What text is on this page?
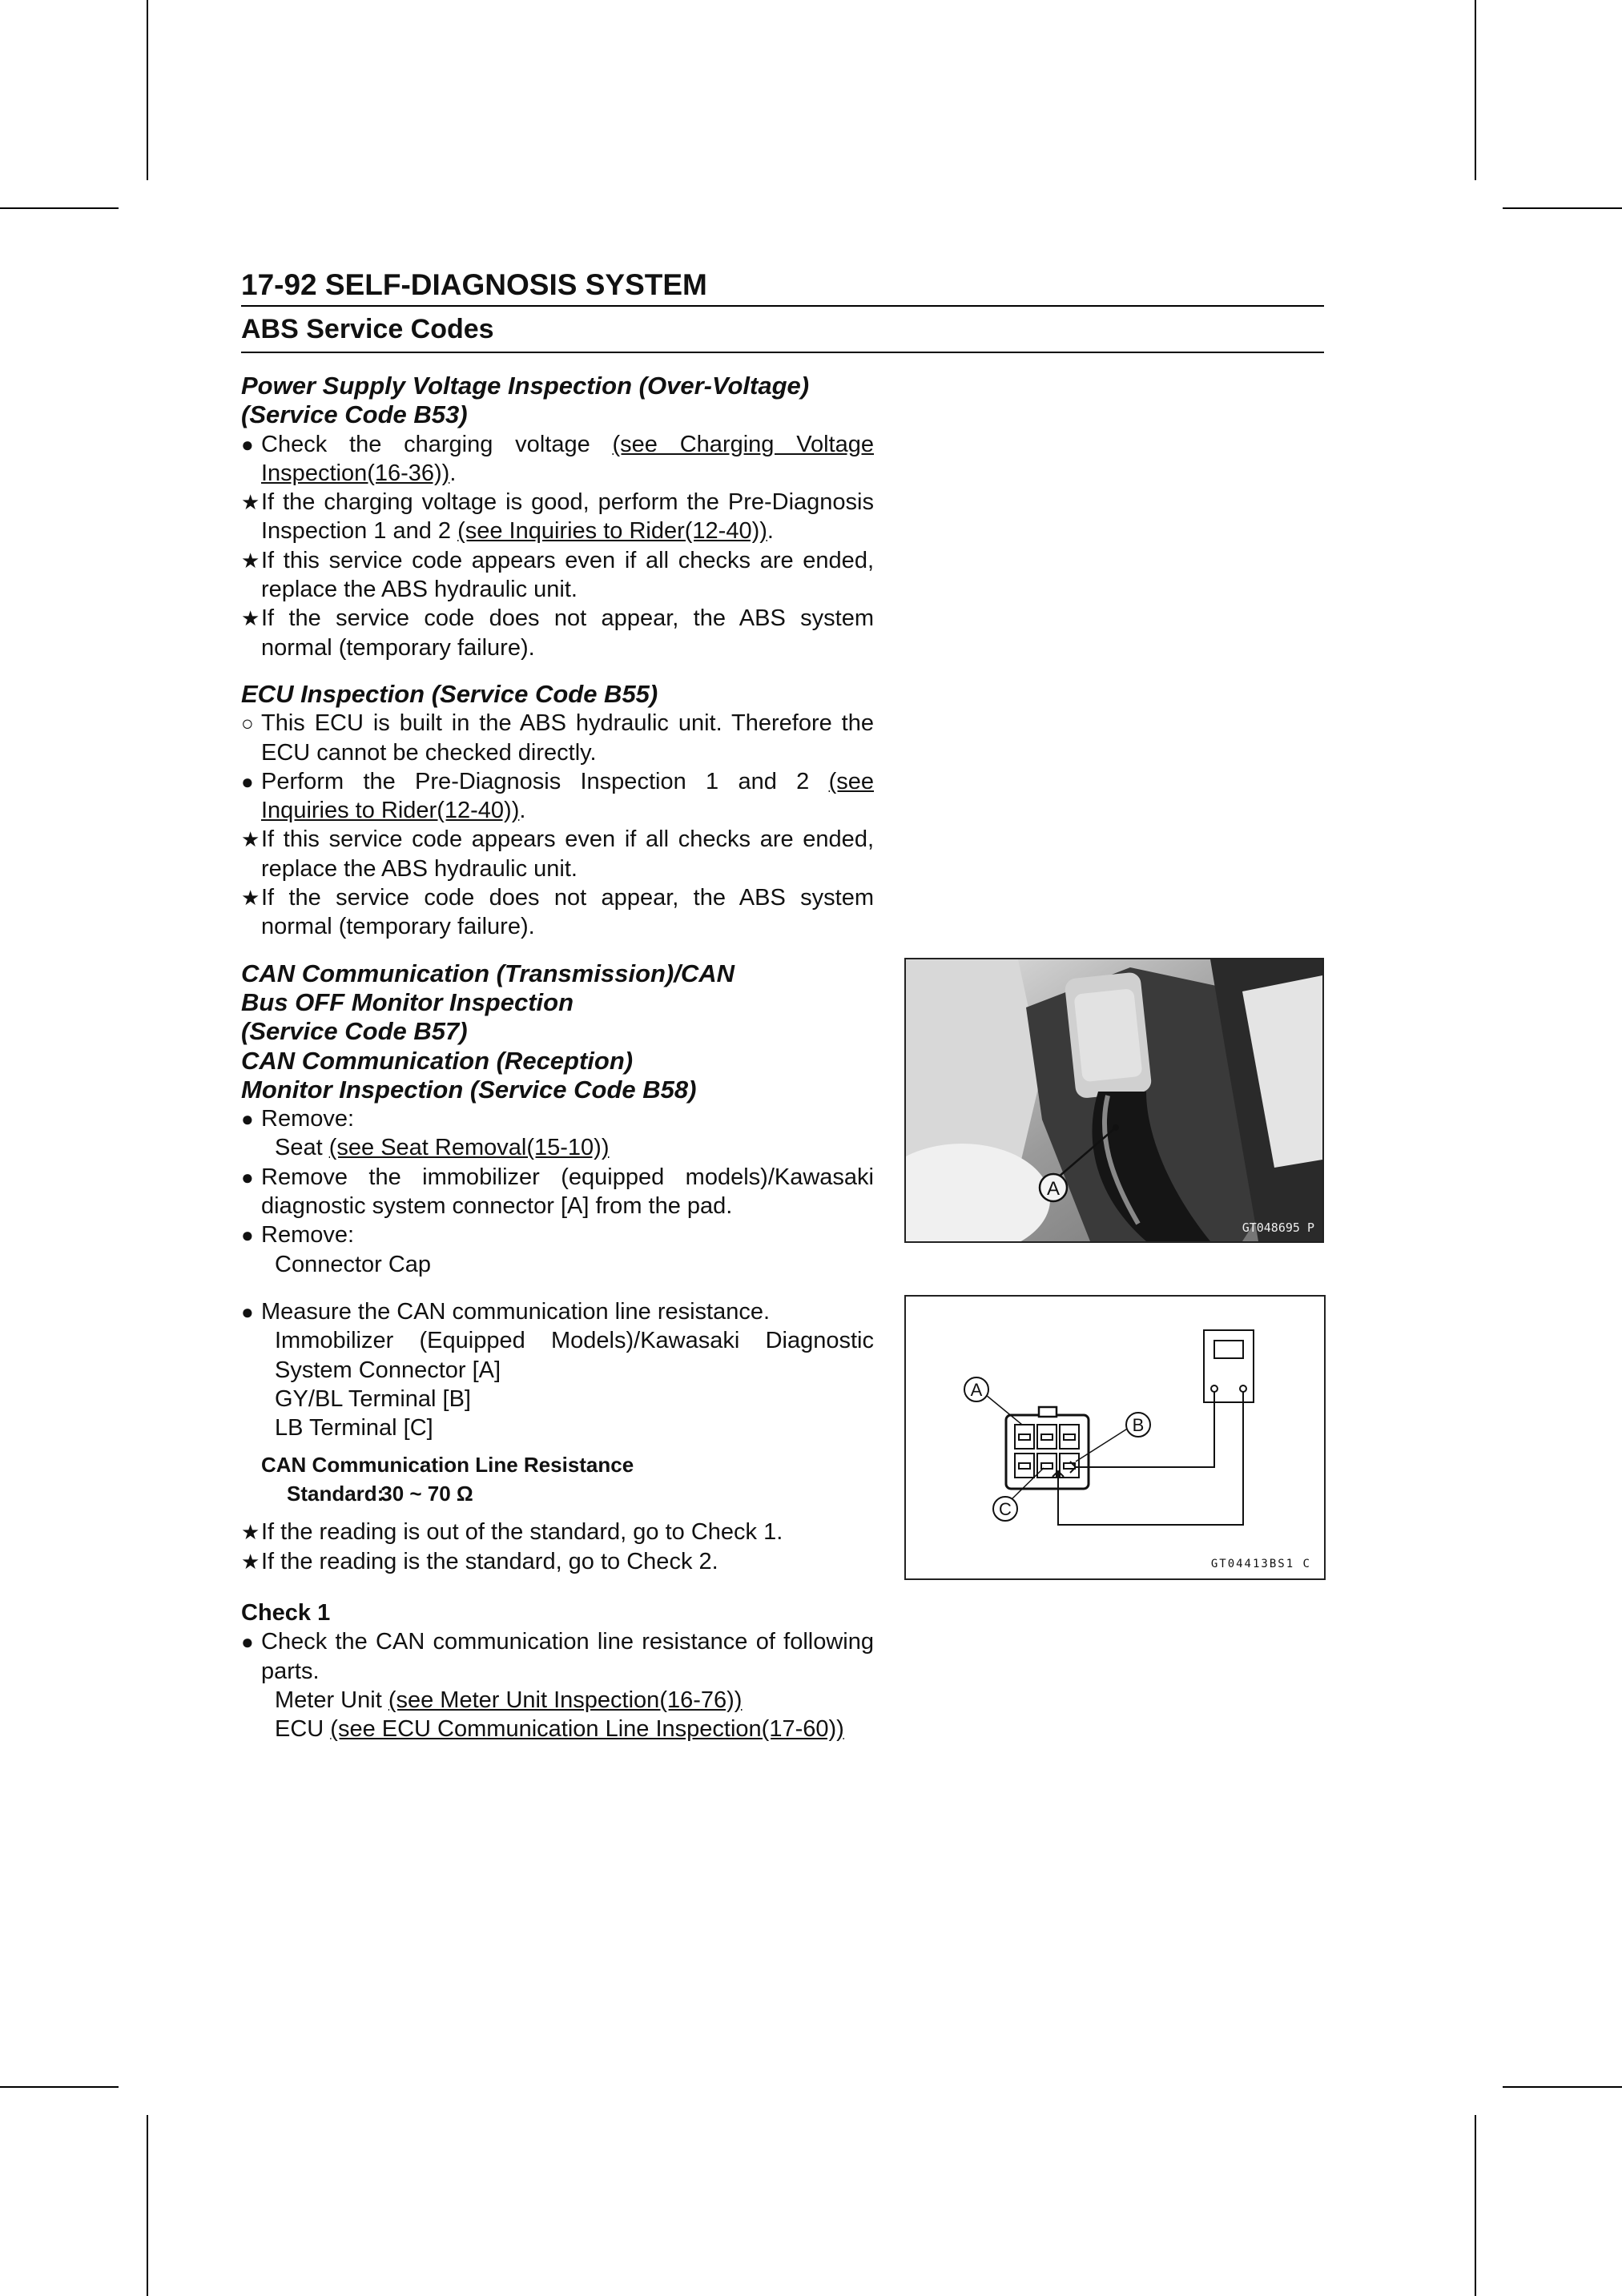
17-92 SELF-DIAGNOSIS SYSTEM
ABS Service Codes
Power Supply Voltage Inspection (Over-Voltage)
(Service Code B53)
● Check the charging voltage (see Charging Voltage Inspection(16-36)).
★ If the charging voltage is good, perform the Pre-Diagnosis Inspection 1 and 2 (see Inquiries to Rider(12-40)).
★ If this service code appears even if all checks are ended, replace the ABS hydraulic unit.
★ If the service code does not appear, the ABS system normal (temporary failure).
ECU Inspection (Service Code B55)
○ This ECU is built in the ABS hydraulic unit. Therefore the ECU cannot be checked directly.
● Perform the Pre-Diagnosis Inspection 1 and 2 (see Inquiries to Rider(12-40)).
★ If this service code appears even if all checks are ended, replace the ABS hydraulic unit.
★ If the service code does not appear, the ABS system normal (temporary failure).
CAN Communication (Transmission)/CAN
Bus OFF Monitor Inspection
(Service Code B57)
CAN Communication (Reception)
Monitor Inspection (Service Code B58)
● Remove:
Seat (see Seat Removal(15-10))
● Remove the immobilizer (equipped models)/Kawasaki diagnostic system connector [A] from the pad.
● Remove:
Connector Cap
● Measure the CAN communication line resistance.
Immobilizer (Equipped Models)/Kawasaki Diagnostic System Connector [A]
GY/BL Terminal [B]
LB Terminal [C]
CAN Communication Line Resistance
Standard: 30 ~ 70 Ω
★ If the reading is out of the standard, go to Check 1.
★ If the reading is the standard, go to Check 2.
Check 1
● Check the CAN communication line resistance of following parts.
Meter Unit (see Meter Unit Inspection(16-76))
ECU (see ECU Communication Line Inspection(17-60))
A
GT048695 P
A
B
C
GT04413BS1 C
